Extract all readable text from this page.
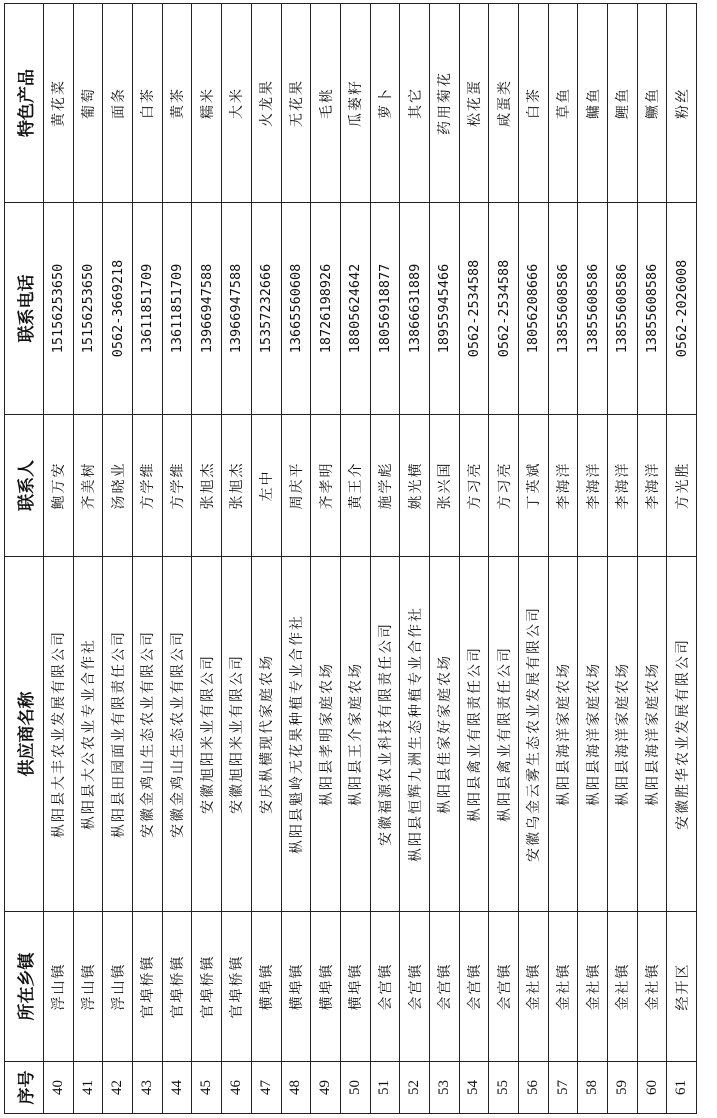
序号	所在乡镇	供应商名称	联系人	联系电话	特色产品
40	浮山镇	枞阳县大丰农业发展有限公司	鲍万安	15156253650	黄花菜
41	浮山镇	枞阳县大公农业专业合作社	齐美树	15156253650	葡萄
42	浮山镇	枞阳县田园面业有限责任公司	汤晓业	0562-3669218	面条
43	官埠桥镇	安徽金鸡山生态农业有限公司	方学维	13611851709	白茶
44	官埠桥镇	安徽金鸡山生态农业有限公司	方学维	13611851709	黄茶
45	官埠桥镇	安徽旭阳米业有限公司	张旭杰	13966947588	糯米
46	官埠桥镇	安徽旭阳米业有限公司	张旭杰	13966947588	大米
47	横埠镇	安庆枞横现代家庭农场	左中	15357232666	火龙果
48	横埠镇	枞阳县魁岭无花果种植专业合作社	周庆平	13665560608	无花果
49	横埠镇	枞阳县孝明家庭农场	齐孝明	18726198926	毛桃
50	横埠镇	枞阳县王介家庭农场	黄王介	18805624642	瓜蒌籽
51	会宫镇	安徽福源农业科技有限责任公司	施学彪	18056918877	萝卜
52	会宫镇	枞阳县恒辉九洲生态种植专业合作社	姚光横	13866631889	其它
53	会宫镇	枞阳县佳家好家庭农场	张兴国	18955945466	药用菊花
54	会宫镇	枞阳县禽业有限责任公司	方习亮	0562-2534588	松花蛋
55	会宫镇	枞阳县禽业有限责任公司	方习亮	0562-2534588	咸蛋类
56	金社镇	安徽乌金云雾生态农业发展有限公司	丁英斌	18056208666	白茶
57	金社镇	枞阳县海洋家庭农场	李海洋	13855608586	草鱼
58	金社镇	枞阳县海洋家庭农场	李海洋	13855608586	鳙鱼
59	金社镇	枞阳县海洋家庭农场	李海洋	13855608586	鲤鱼
60	金社镇	枞阳县海洋家庭农场	李海洋	13855608586	鳜鱼
61	经开区	安徽胜华农业发展有限公司	方光胜	0562-2026008	粉丝
